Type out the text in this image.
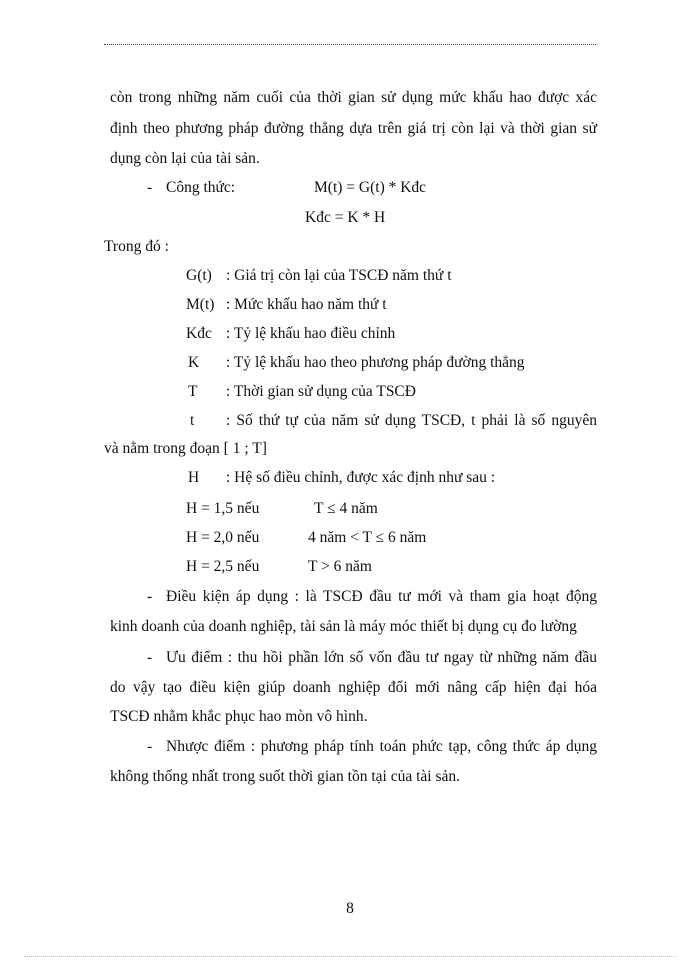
còn trong những năm cuối của thời gian sử dụng mức khấu hao được xác
định theo phương pháp đường thẳng dựa trên giá trị còn lại và thời gian sử
dụng còn lại của tài sản.
- Công thức:	M(t) = G(t) * Kđc
Kđc = K * H
Trong đó :
G(t) : Giá trị còn lại của TSCĐ năm thứ t
M(t) : Mức khấu hao năm thứ t
Kđc : Tỷ lệ khấu hao điều chỉnh
K : Tỷ lệ khấu hao theo phương pháp đường thẳng
T : Thời gian sử dụng của TSCĐ
t : Số thứ tự của năm sử dụng TSCĐ, t phải là số nguyên
và nằm trong đoạn [ 1 ; T]
H : Hệ số điều chỉnh, được xác định như sau :
H = 1,5 nếu	T ≤ 4 năm
H = 2,0 nếu	4 năm < T ≤ 6 năm
H = 2,5 nếu	T > 6 năm
- Điều kiện áp dụng : là TSCĐ đầu tư mới và tham gia hoạt động
kinh doanh của doanh nghiệp, tài sản là máy móc thiết bị dụng cụ đo lường
- Ưu điểm : thu hồi phần lớn số vốn đầu tư ngay từ những năm đầu
do vậy tạo điều kiện giúp doanh nghiệp đổi mới nâng cấp hiện đại hóa
TSCĐ nhằm khắc phục hao mòn vô hình.
- Nhược điểm : phương pháp tính toán phức tạp, công thức áp dụng
không thống nhất trong suốt thời gian tồn tại của tài sản.
8
